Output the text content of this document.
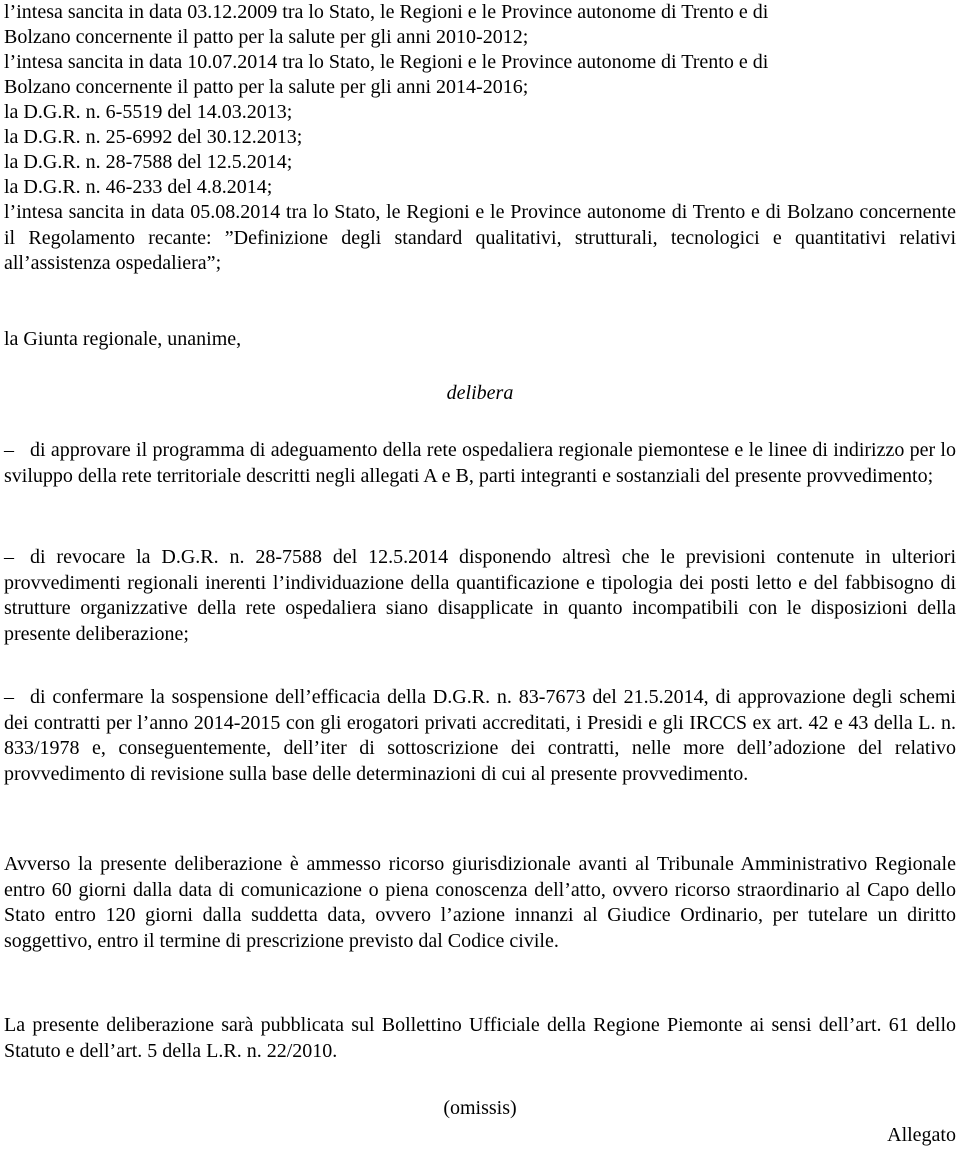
l’intesa sancita in data 03.12.2009 tra lo Stato, le Regioni e le Province autonome di Trento e di
Bolzano concernente il patto per la salute per gli anni 2010-2012;
l’intesa sancita in data 10.07.2014 tra lo Stato, le Regioni e le Province autonome di Trento e di
Bolzano concernente il patto per la salute per gli anni 2014-2016;
la D.G.R. n. 6-5519 del 14.03.2013;
la D.G.R. n. 25-6992 del 30.12.2013;
la D.G.R. n. 28-7588 del 12.5.2014;
la D.G.R. n. 46-233 del 4.8.2014;

l’intesa sancita in data 05.08.2014 tra lo Stato, le Regioni e le Province autonome di Trento e di Bolzano concernente il Regolamento recante: ”Definizione degli standard qualitativi, strutturali, tecnologici e quantitativi relativi all’assistenza ospedaliera”;

la Giunta regionale, unanime,
delibera

– di approvare il programma di adeguamento della rete ospedaliera regionale piemontese e le linee di indirizzo per lo sviluppo della rete territoriale descritti negli allegati A e B, parti integranti e sostanziali del presente provvedimento;

– di revocare la D.G.R. n. 28-7588 del 12.5.2014 disponendo altresì che le previsioni contenute in ulteriori provvedimenti regionali inerenti l’individuazione della quantificazione e tipologia dei posti letto e del fabbisogno di strutture organizzative della rete ospedaliera siano disapplicate in quanto incompatibili con le disposizioni della presente deliberazione;

– di confermare la sospensione dell’efficacia della D.G.R. n. 83-7673 del 21.5.2014, di approvazione degli schemi dei contratti per l’anno 2014-2015 con gli erogatori privati accreditati, i Presidi e gli IRCCS ex art. 42 e 43 della L. n. 833/1978 e, conseguentemente, dell’iter di sottoscrizione dei contratti, nelle more dell’adozione del relativo provvedimento di revisione sulla base delle determinazioni di cui al presente provvedimento.

Avverso la presente deliberazione è ammesso ricorso giurisdizionale avanti al Tribunale Amministrativo Regionale entro 60 giorni dalla data di comunicazione o piena conoscenza dell’atto, ovvero ricorso straordinario al Capo dello Stato entro 120 giorni dalla suddetta data, ovvero l’azione innanzi al Giudice Ordinario, per tutelare un diritto soggettivo, entro il termine di prescrizione previsto dal Codice civile.

La presente deliberazione sarà pubblicata sul Bollettino Ufficiale della Regione Piemonte ai sensi dell’art. 61 dello Statuto e dell’art. 5 della L.R. n. 22/2010.

(omissis)
Allegato
